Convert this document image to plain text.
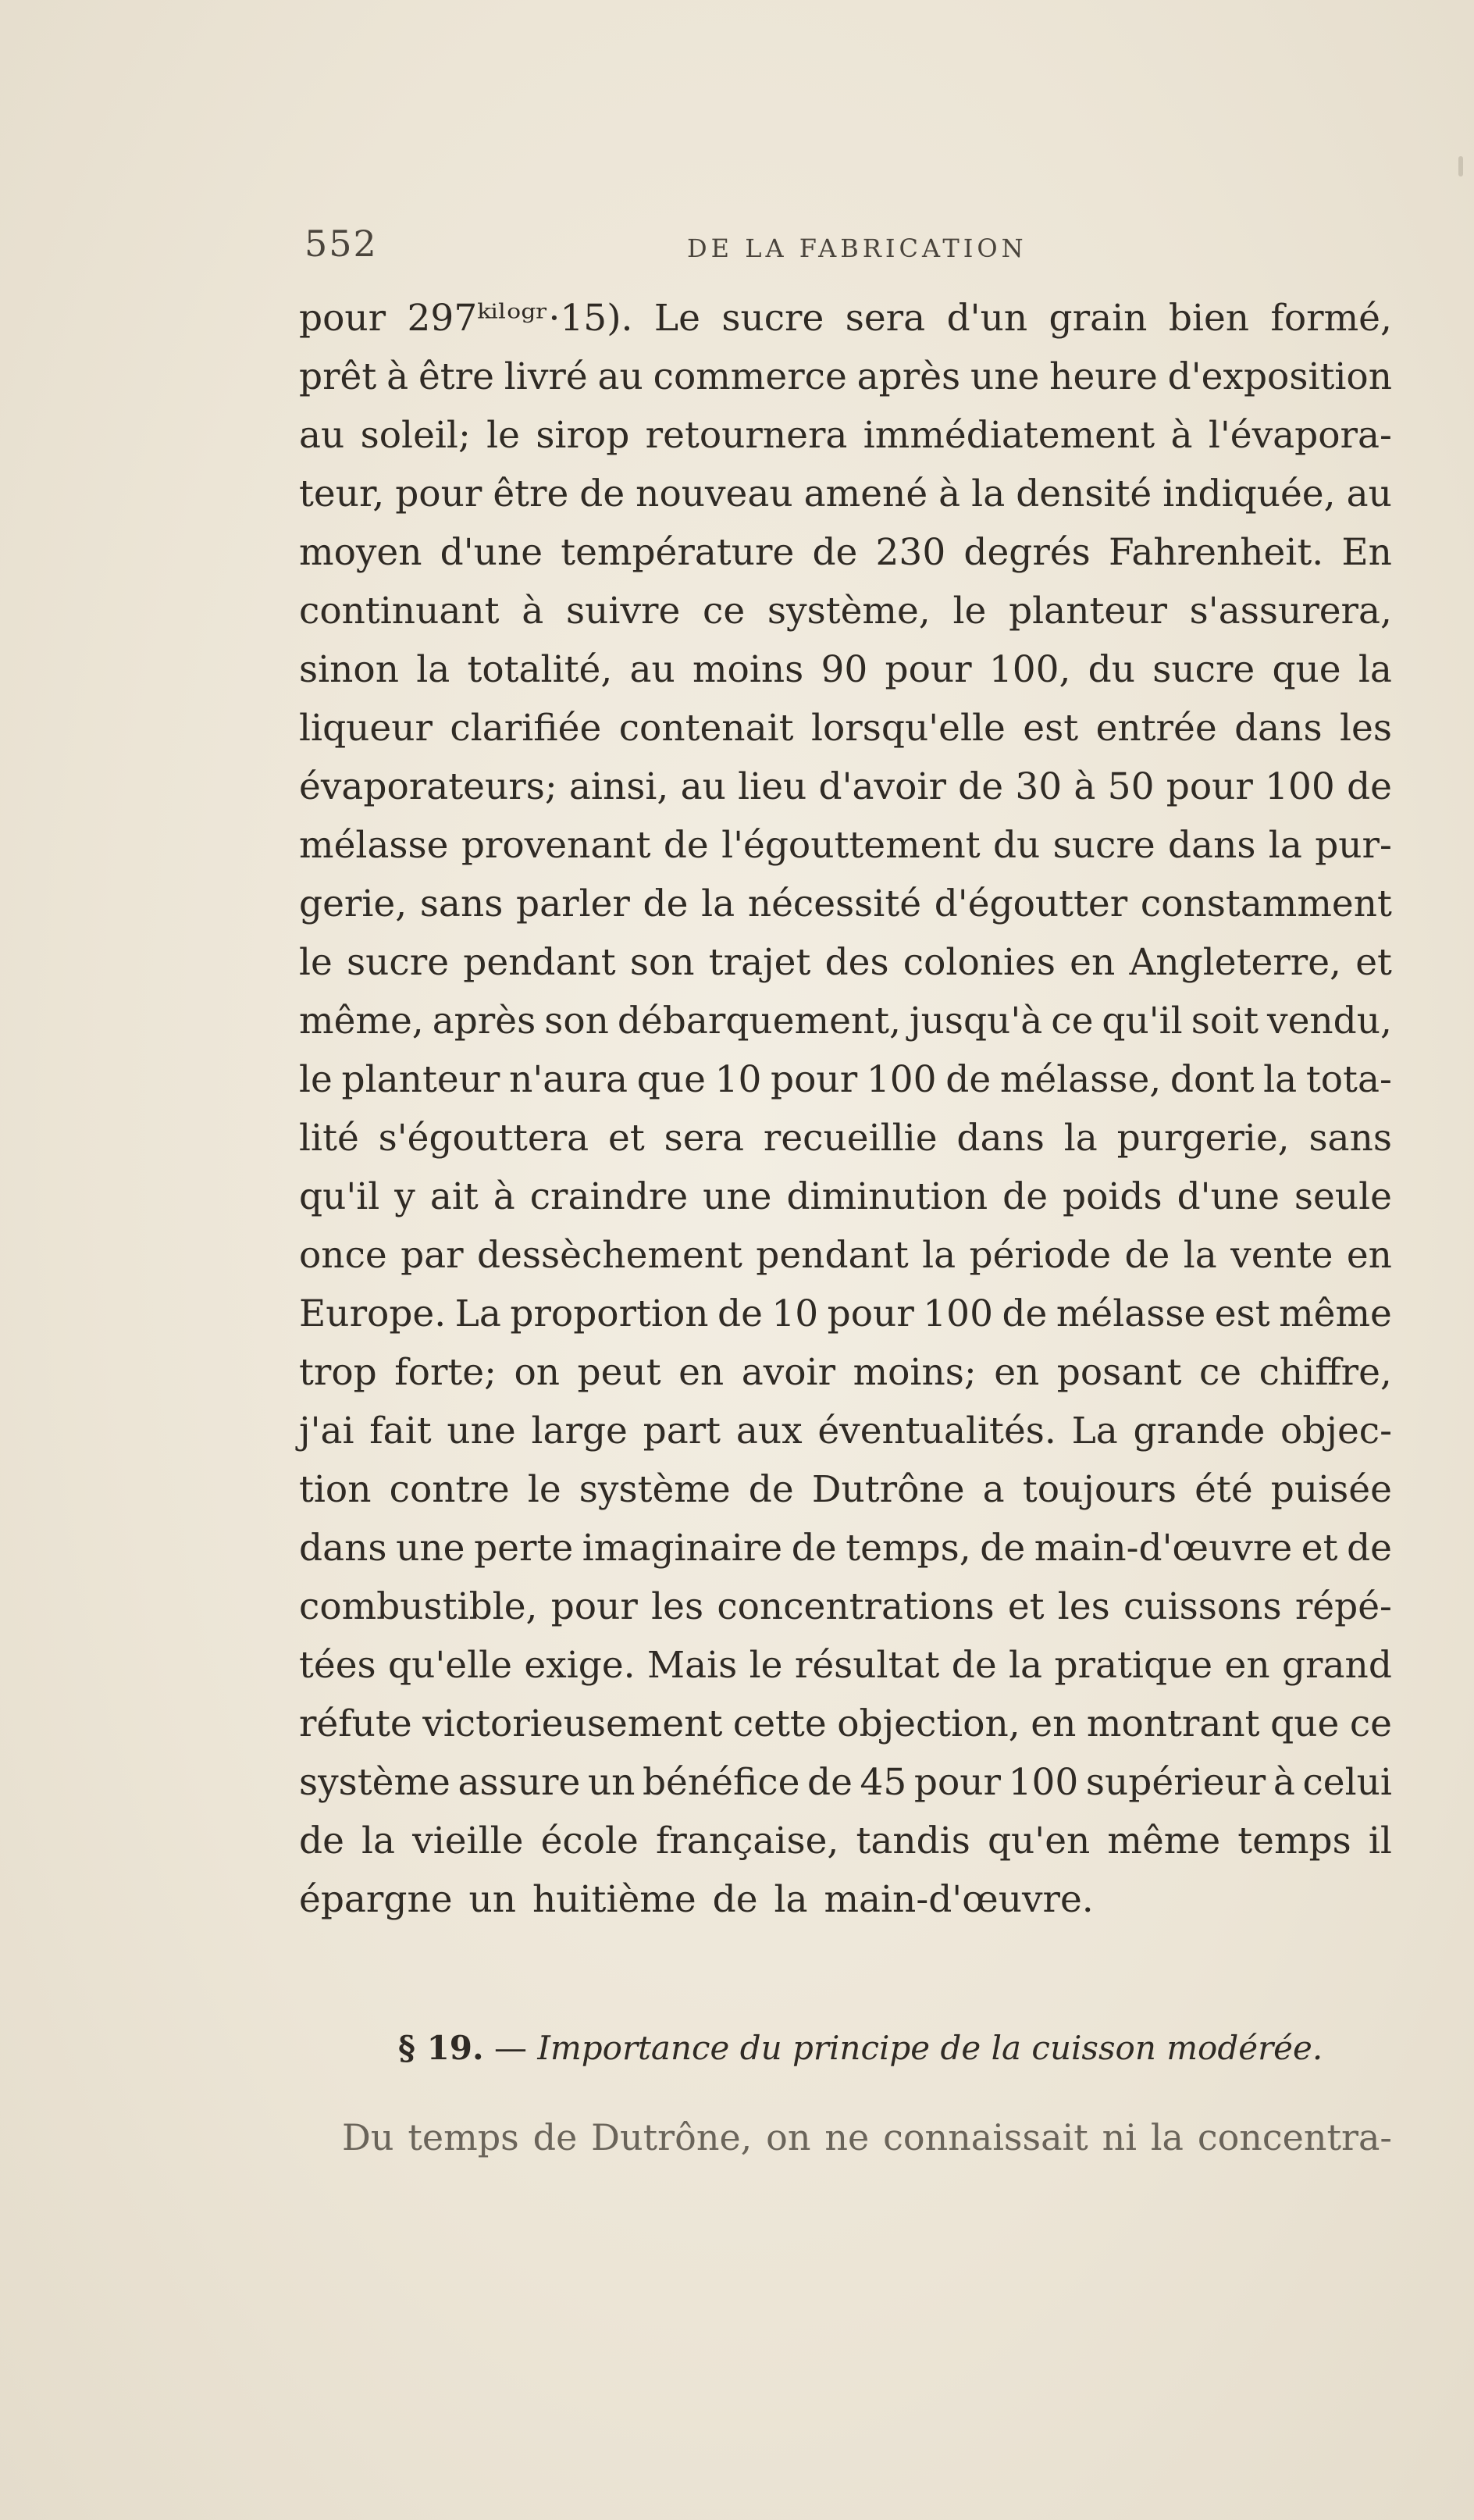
552	DE LA FABRICATION
pour 297ᵏⁱˡᵒᵍʳ·15). Le sucre sera d'un grain bien formé,
prêt à être livré au commerce après une heure d'exposition
au soleil; le sirop retournera immédiatement à l'évapora-
teur, pour être de nouveau amené à la densité indiquée, au
moyen d'une température de 230 degrés Fahrenheit. En
continuant à suivre ce système, le planteur s'assurera,
sinon la totalité, au moins 90 pour 100, du sucre que la
liqueur clarifiée contenait lorsqu'elle est entrée dans les
évaporateurs; ainsi, au lieu d'avoir de 30 à 50 pour 100 de
mélasse provenant de l'égouttement du sucre dans la pur-
gerie, sans parler de la nécessité d'égoutter constamment
le sucre pendant son trajet des colonies en Angleterre, et
même, après son débarquement, jusqu'à ce qu'il soit vendu,
le planteur n'aura que 10 pour 100 de mélasse, dont la tota-
lité s'égouttera et sera recueillie dans la purgerie, sans
qu'il y ait à craindre une diminution de poids d'une seule
once par dessèchement pendant la période de la vente en
Europe. La proportion de 10 pour 100 de mélasse est même
trop forte; on peut en avoir moins; en posant ce chiffre,
j'ai fait une large part aux éventualités. La grande objec-
tion contre le système de Dutrône a toujours été puisée
dans une perte imaginaire de temps, de main-d'œuvre et de
combustible, pour les concentrations et les cuissons répé-
tées qu'elle exige. Mais le résultat de la pratique en grand
réfute victorieusement cette objection, en montrant que ce
système assure un bénéfice de 45 pour 100 supérieur à celui
de la vieille école française, tandis qu'en même temps il
épargne un huitième de la main-d'œuvre.
§ 19. — Importance du principe de la cuisson modérée.
Du temps de Dutrône, on ne connaissait ni la concentra-
